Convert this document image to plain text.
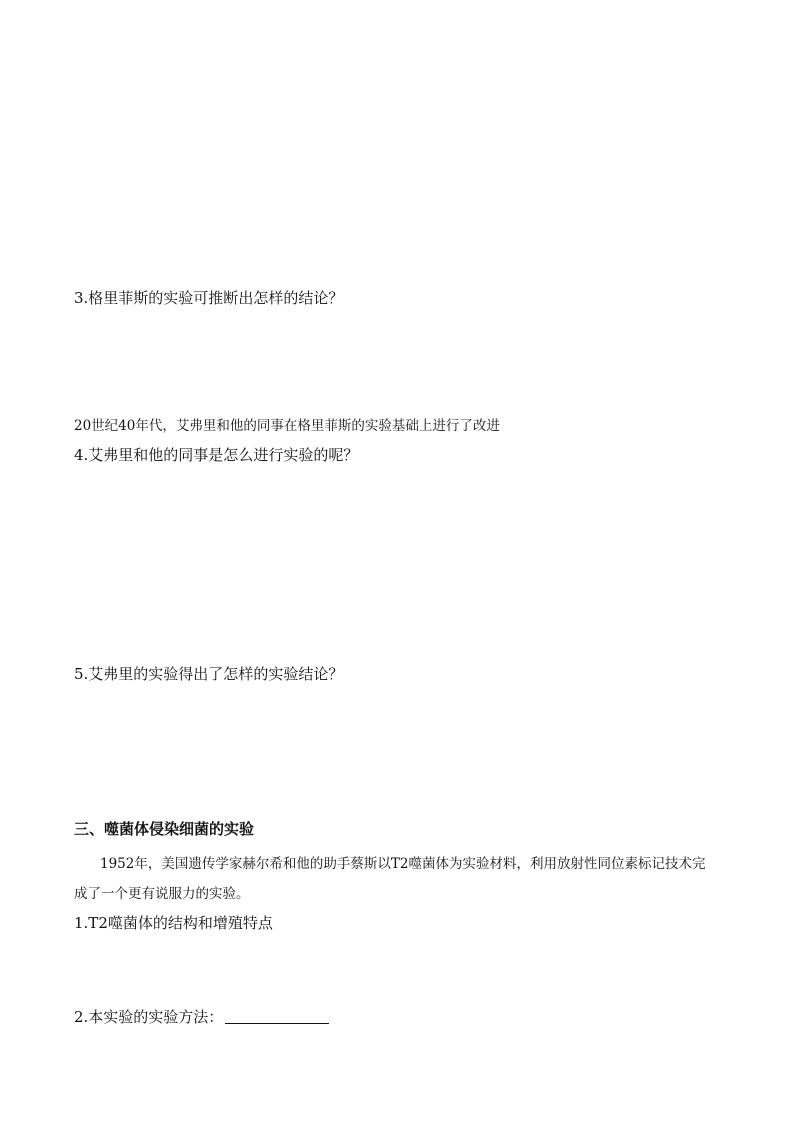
3.格里菲斯的实验可推断出怎样的结论？
20世纪40年代，艾弗里和他的同事在格里菲斯的实验基础上进行了改进
4.艾弗里和他的同事是怎么进行实验的呢？
5.艾弗里的实验得出了怎样的实验结论？
三、噬菌体侵染细菌的实验
1952年，美国遗传学家赫尔希和他的助手蔡斯以T2噬菌体为实验材料，利用放射性同位素标记技术完
成了一个更有说服力的实验。
1.T2噬菌体的结构和增殖特点
2.本实验的实验方法：
